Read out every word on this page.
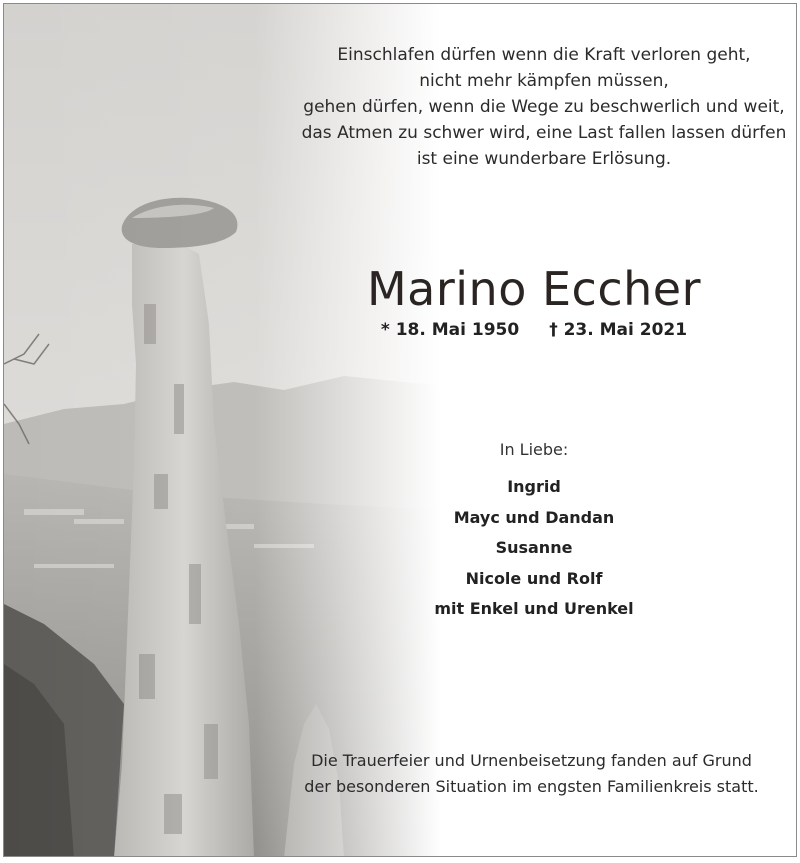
Einschlafen dürfen wenn die Kraft verloren geht,
nicht mehr kämpfen müssen,
gehen dürfen, wenn die Wege zu beschwerlich und weit,
das Atmen zu schwer wird, eine Last fallen lassen dürfen
ist eine wunderbare Erlösung.
Marino Eccher
* 18. Mai 1950 † 23. Mai 2021
In Liebe:
Ingrid
Mayc und Dandan
Susanne
Nicole und Rolf
mit Enkel und Urenkel
Die Trauerfeier und Urnenbeisetzung fanden auf Grund
der besonderen Situation im engsten Familienkreis statt.
